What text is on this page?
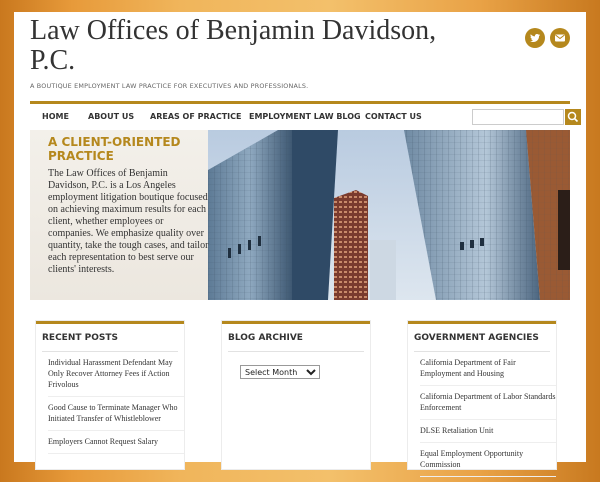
Law Offices of Benjamin Davidson, P.C.
A BOUTIQUE EMPLOYMENT LAW PRACTICE FOR EXECUTIVES AND PROFESSIONALS.
HOME ABOUT US AREAS OF PRACTICE EMPLOYMENT LAW BLOG CONTACT US
A CLIENT-ORIENTED PRACTICE
The Law Offices of Benjamin Davidson, P.C. is a Los Angeles employment litigation boutique focused on achieving maximum results for each client, whether employees or companies. We emphasize quality over quantity, take the tough cases, and tailor each representation to best serve our clients' interests.
RECENT POSTS
Individual Harassment Defendant May Only Recover Attorney Fees if Action Frivolous
Good Cause to Terminate Manager Who Initiated Transfer of Whistleblower
Employers Cannot Request Salary
BLOG ARCHIVE
Select Month	GOVERNMENT AGENCIES
California Department of Fair Employment and Housing
California Department of Labor Standards Enforcement
DLSE Retaliation Unit
Equal Employment Opportunity Commission
